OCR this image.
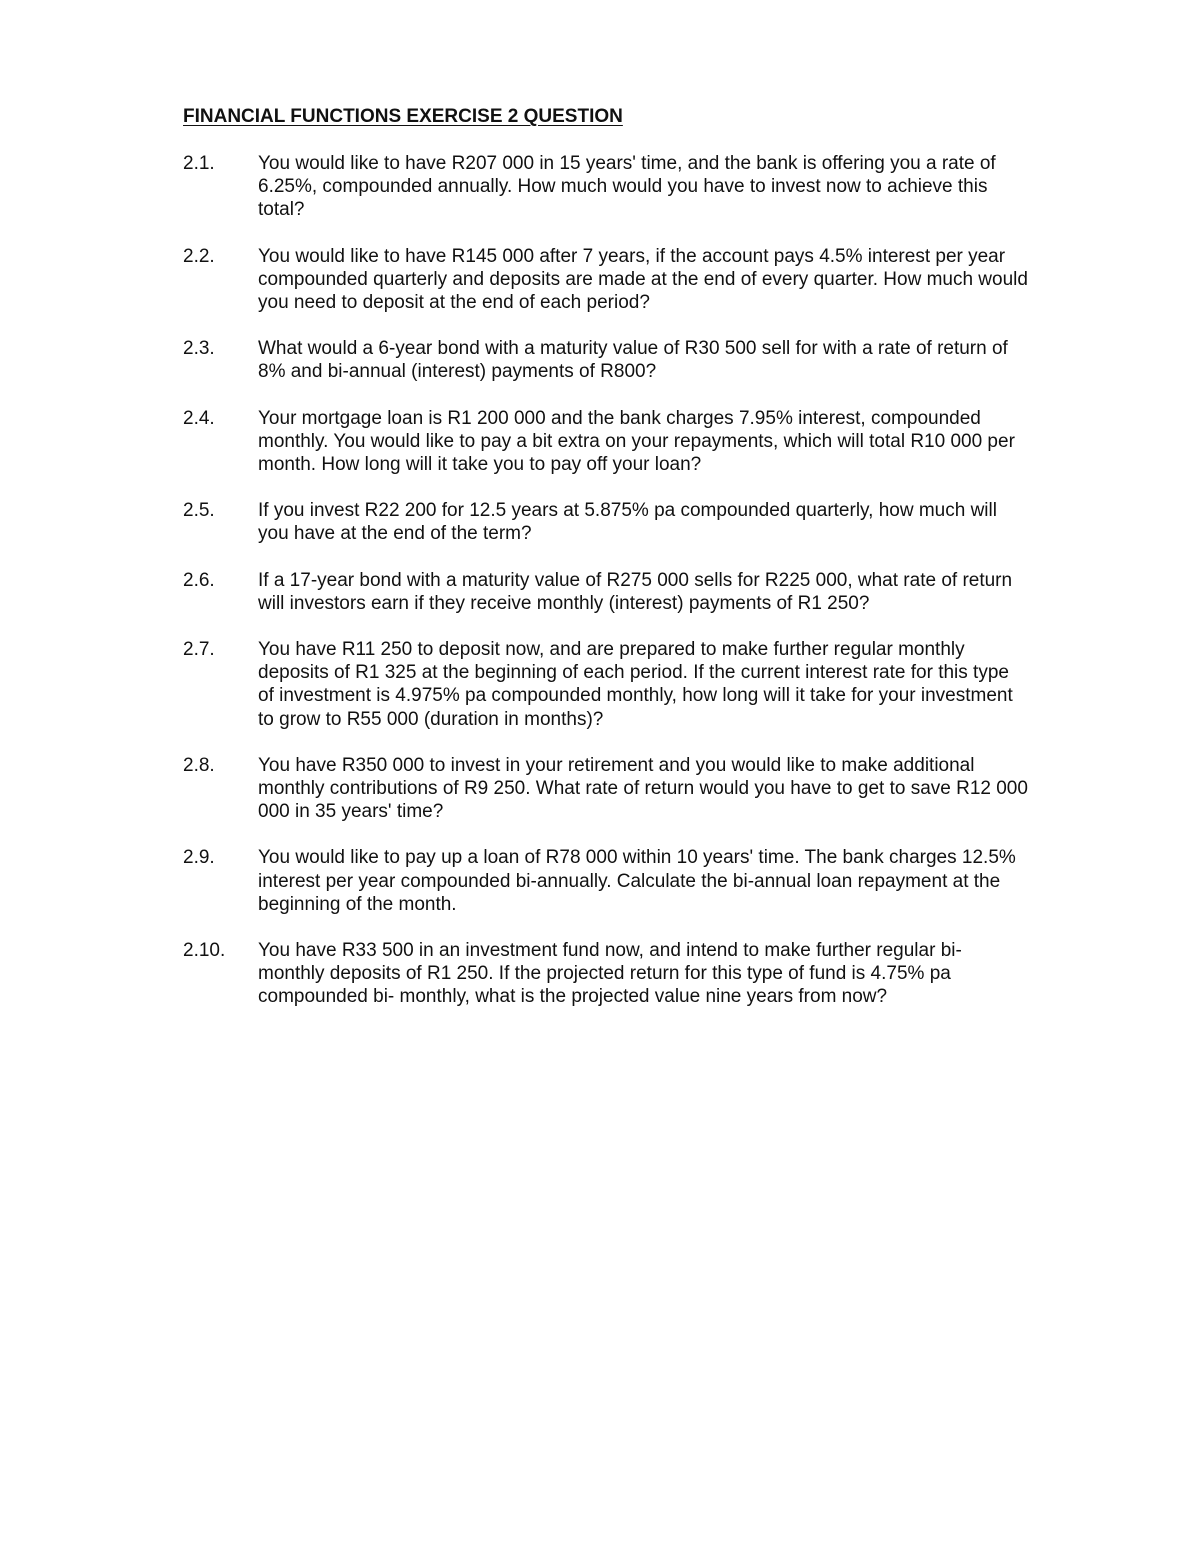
FINANCIAL FUNCTIONS EXERCISE 2 QUESTION
2.1.	You would like to have R207 000 in 15 years' time, and the bank is offering you a rate of 6.25%, compounded annually. How much would you have to invest now to achieve this total?
2.2.	You would like to have R145 000 after 7 years, if the account pays 4.5% interest per year compounded quarterly and deposits are made at the end of every quarter. How much would you need to deposit at the end of each period?
2.3.	What would a 6-year bond with a maturity value of R30 500 sell for with a rate of return of 8% and bi-annual (interest) payments of R800?
2.4.	Your mortgage loan is R1 200 000 and the bank charges 7.95% interest, compounded monthly. You would like to pay a bit extra on your repayments, which will total R10 000 per month. How long will it take you to pay off your loan?
2.5.	If you invest R22 200 for 12.5 years at 5.875% pa compounded quarterly, how much will you have at the end of the term?
2.6.	If a 17-year bond with a maturity value of R275 000 sells for R225 000, what rate of return will investors earn if they receive monthly (interest) payments of R1 250?
2.7.	You have R11 250 to deposit now, and are prepared to make further regular monthly deposits of R1 325 at the beginning of each period. If the current interest rate for this type of investment is 4.975% pa compounded monthly, how long will it take for your investment to grow to R55 000 (duration in months)?
2.8.	You have R350 000 to invest in your retirement and you would like to make additional monthly contributions of R9 250. What rate of return would you have to get to save R12 000 000 in 35 years' time?
2.9.	You would like to pay up a loan of R78 000 within 10 years' time. The bank charges 12.5% interest per year compounded bi-annually. Calculate the bi-annual loan repayment at the beginning of the month.
2.10.	You have R33 500 in an investment fund now, and intend to make further regular bi-monthly deposits of R1 250. If the projected return for this type of fund is 4.75% pa compounded bi- monthly, what is the projected value nine years from now?
